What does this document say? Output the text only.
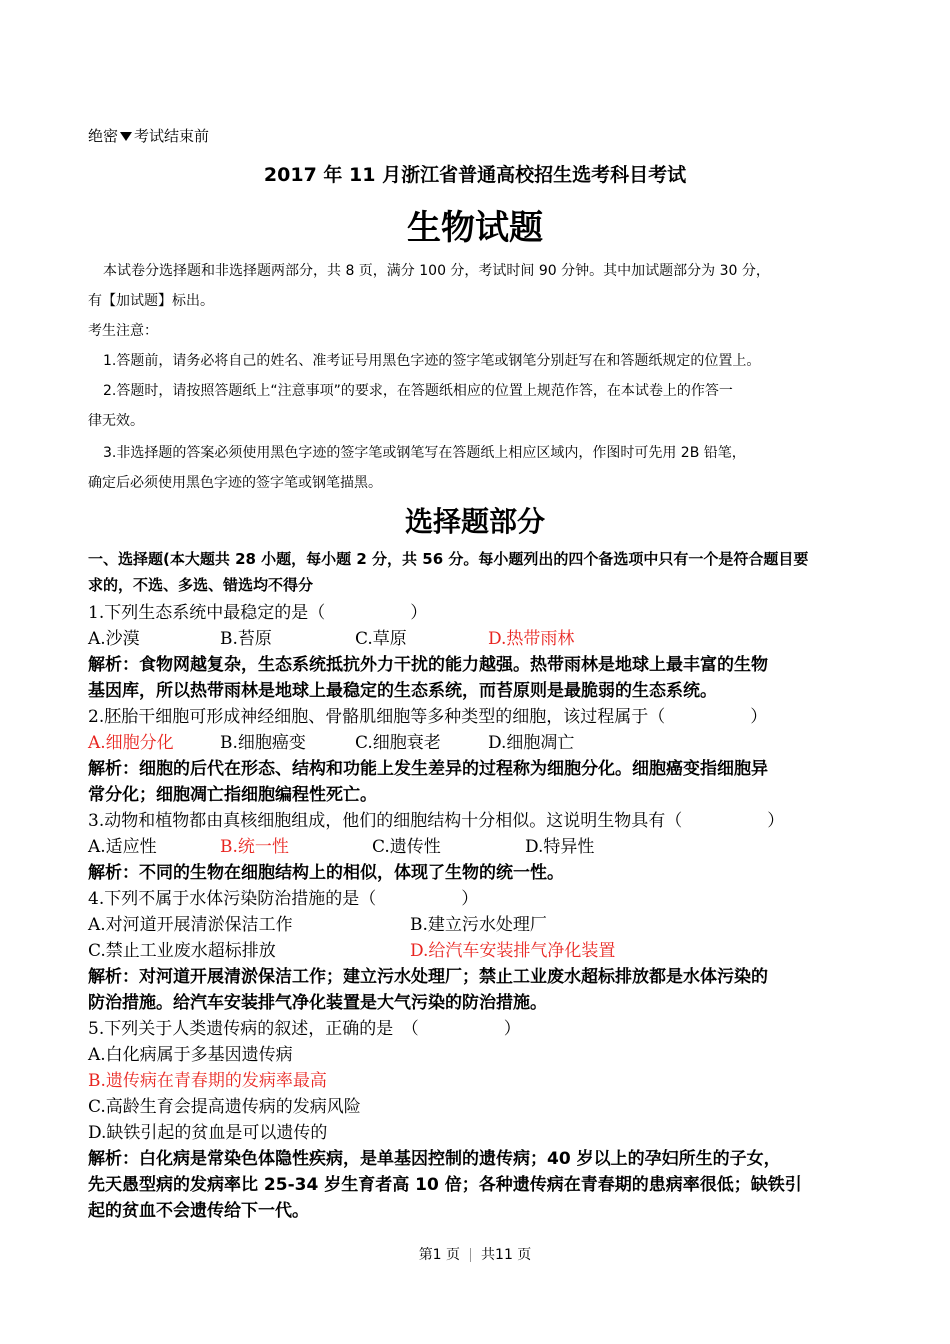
绝密 考试结束前
2017 年 11 月浙江省普通高校招生选考科目考试
生物试题
本试卷分选择题和非选择题两部分，共 8 页，满分 100 分，考试时间 90 分钟。其中加试题部分为 30 分，
有【加试题】标出。
考生注意：
1.答题前，请务必将自己的姓名、准考证号用黑色字迹的签字笔或钢笔分别赶写在和答题纸规定的位置上。
2.答题时，请按照答题纸上“注意事项”的要求，在答题纸相应的位置上规范作答，在本试卷上的作答一
律无效。
3.非选择题的答案必须使用黑色字迹的签字笔或钢笔写在答题纸上相应区域内，作图时可先用 2B 铅笔，
确定后必须使用黑色字迹的签字笔或钢笔描黑。
选择题部分
一、选择题(本大题共 28 小题，每小题 2 分，共 56 分。每小题列出的四个备选项中只有一个是符合题目要
求的，不选、多选、错选均不得分
1.下列生态系统中最稳定的是（　　　　　）
A.沙漠	B.苔原	C.草原	D.热带雨林
解析：食物网越复杂，生态系统抵抗外力干扰的能力越强。热带雨林是地球上最丰富的生物
基因库，所以热带雨林是地球上最稳定的生态系统，而苔原则是最脆弱的生态系统。
2.胚胎干细胞可形成神经细胞、骨骼肌细胞等多种类型的细胞，该过程属于（　　　　　）
A.细胞分化	B.细胞癌变	C.细胞衰老	D.细胞凋亡
解析：细胞的后代在形态、结构和功能上发生差异的过程称为细胞分化。细胞癌变指细胞异
常分化；细胞凋亡指细胞编程性死亡。
3.动物和植物都由真核细胞组成，他们的细胞结构十分相似。这说明生物具有（　　　　　）
A.适应性	B.统一性	C.遗传性	D.特异性
解析：不同的生物在细胞结构上的相似，体现了生物的统一性。
4.下列不属于水体污染防治措施的是（　　　　　）
A.对河道开展清淤保洁工作	B.建立污水处理厂
C.禁止工业废水超标排放	D.给汽车安装排气净化装置
解析：对河道开展清淤保洁工作；建立污水处理厂；禁止工业废水超标排放都是水体污染的
防治措施。给汽车安装排气净化装置是大气污染的防治措施。
5.下列关于人类遗传病的叙述，正确的是　（　　　　　）
A.白化病属于多基因遗传病
B.遗传病在青春期的发病率最高
C.高龄生育会提高遗传病的发病风险
D.缺铁引起的贫血是可以遗传的
解析：白化病是常染色体隐性疾病，是单基因控制的遗传病；40 岁以上的孕妇所生的子女，
先天愚型病的发病率比 25-34 岁生育者高 10 倍；各种遗传病在青春期的患病率很低；缺铁引
起的贫血不会遗传给下一代。
第1 页 共11 页
